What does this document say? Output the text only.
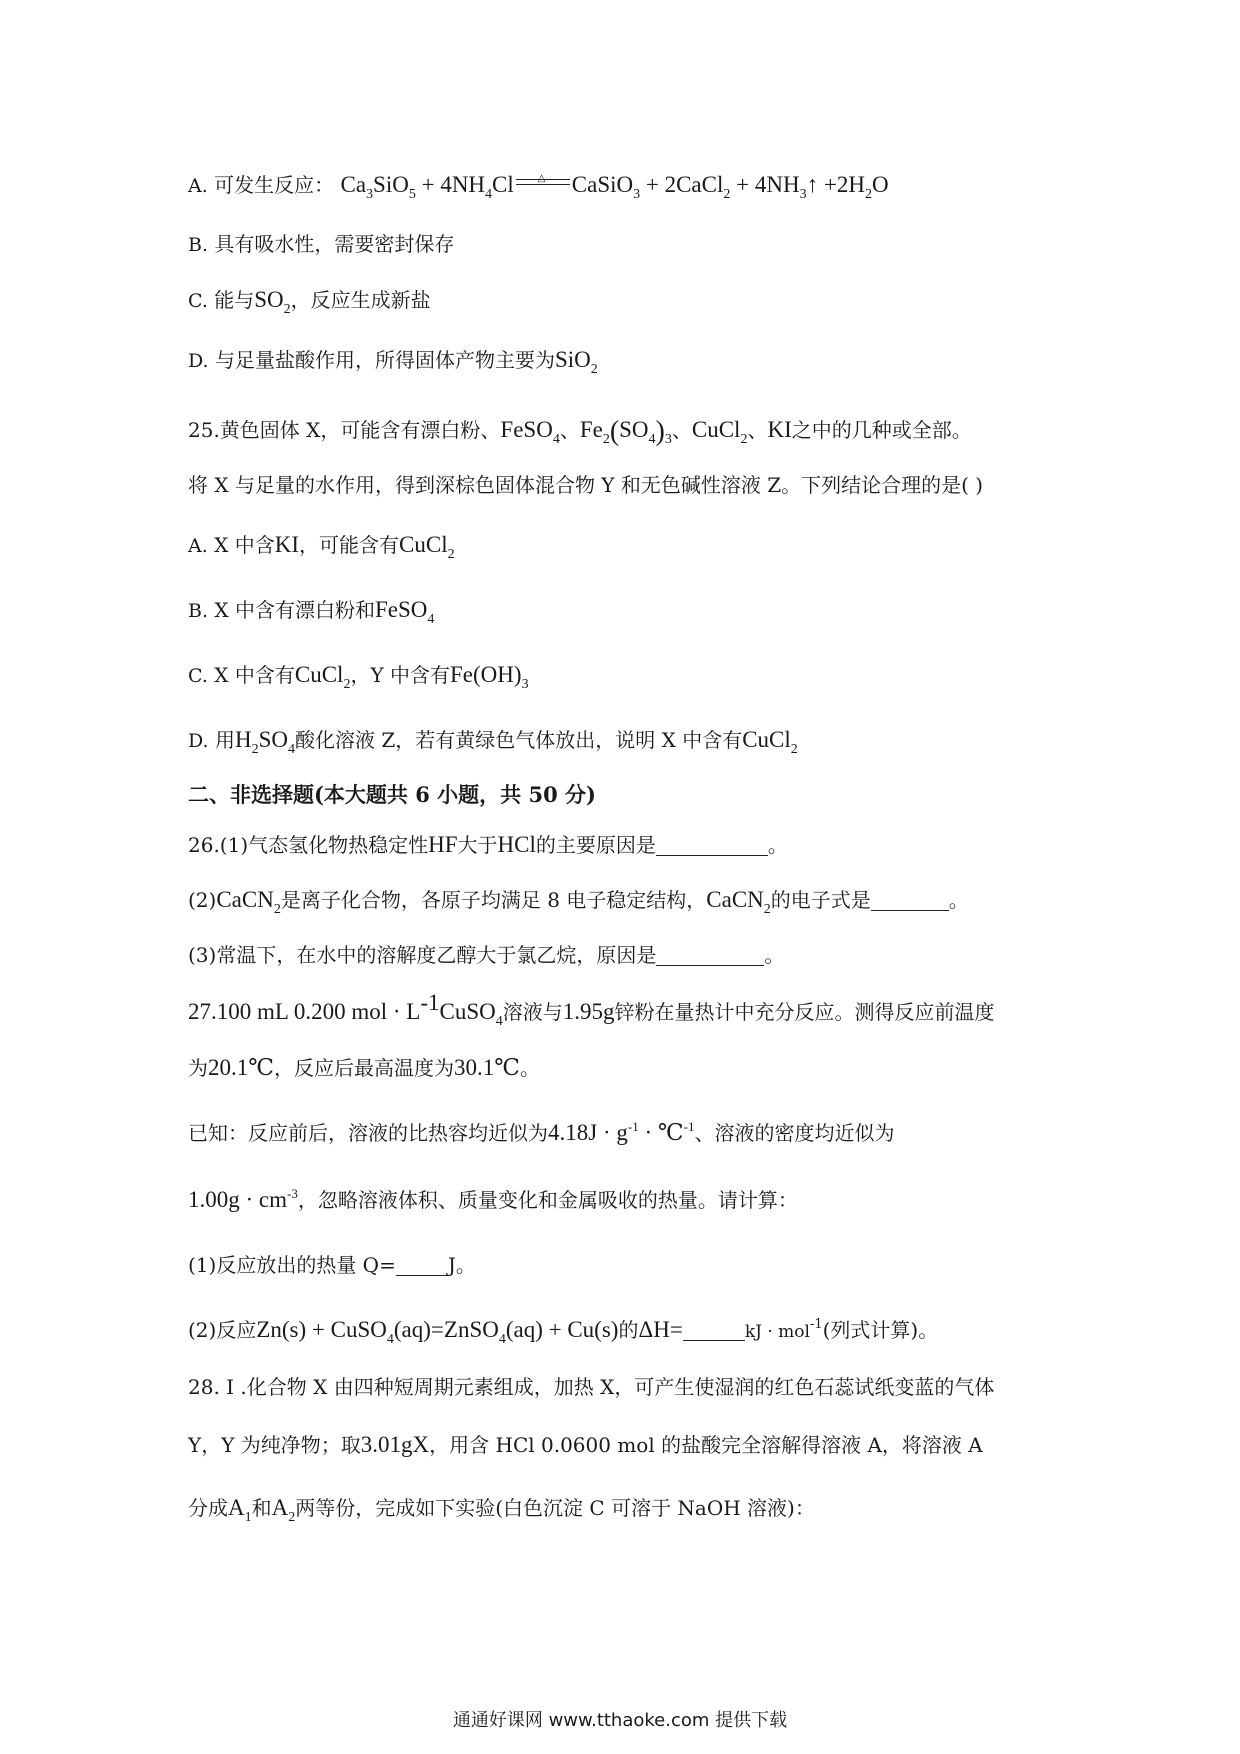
A. 可发生反应： $Ca_3SiO_5 + 4NH_4Cl$ △ CaSiO$_3$ + 2CaCl$_2$ + $4NH_3↑ +2H_2O$
B. 具有吸水性，需要密封保存
C. 能与$SO_2$，反应生成新盐
D. 与足量盐酸作用，所得固体产物主要为SiO$_2$
25.黄色固体 X，可能含有漂白粉、FeSO$_4$、$Fe_2(SO_4)_3$、CuCl$_2$、KI之中的几种或全部。
将 X 与足量的水作用，得到深棕色固体混合物 Y 和无色碱性溶液 Z。下列结论合理的是( )
A. X 中含KI，可能含有CuCl$_2$
B. X 中含有漂白粉和FeSO$_4$
C. X 中含有CuCl$_2$，Y 中含有$Fe(OH)_3$
D. 用$H_2SO_4$酸化溶液 Z，若有黄绿色气体放出，说明 X 中含有CuCl$_2$
二、非选择题(本大题共 6 小题，共 50 分)
26.(1)气态氢化物热稳定性HF大于HCl的主要原因是	。
(2)CaCN$_2$是离子化合物，各原子均满足 8 电子稳定结构，CaCN$_2$的电子式是	。
(3)常温下，在水中的溶解度乙醇大于氯乙烷，原因是	。
27.100 mL 0.200 mol · $L^{-1}CuSO_4$溶液与1.95g锌粉在量热计中充分反应。测得反应前温度
为20.1℃，反应后最高温度为30.1℃。
已知：反应前后，溶液的比热容均近似为$4.18J \cdot g^{-1}$ · ℃$^{-1}$、溶液的密度均近似为
$1.00g \cdot cm^{-3}$，忽略溶液体积、质量变化和金属吸收的热量。请计算：
(1)反应放出的热量 Q=	J。
(2)反应Zn(s) + CuSO$_4$(aq)=ZnSO$_4$(aq) + Cu(s)的ΔH=	kJ · mol$^{-1}$(列式计算)。
28. I .化合物 X 由四种短周期元素组成，加热 X，可产生使湿润的红色石蕊试纸变蓝的气体
Y，Y 为纯净物；取3.01gX，用含 HCl 0.0600 mol 的盐酸完全溶解得溶液 A，将溶液 A
分成$A_1$和$A_2$两等份，完成如下实验(白色沉淀 C 可溶于 NaOH 溶液)：
通通好课网 www.tthaoke.com 提供下载
